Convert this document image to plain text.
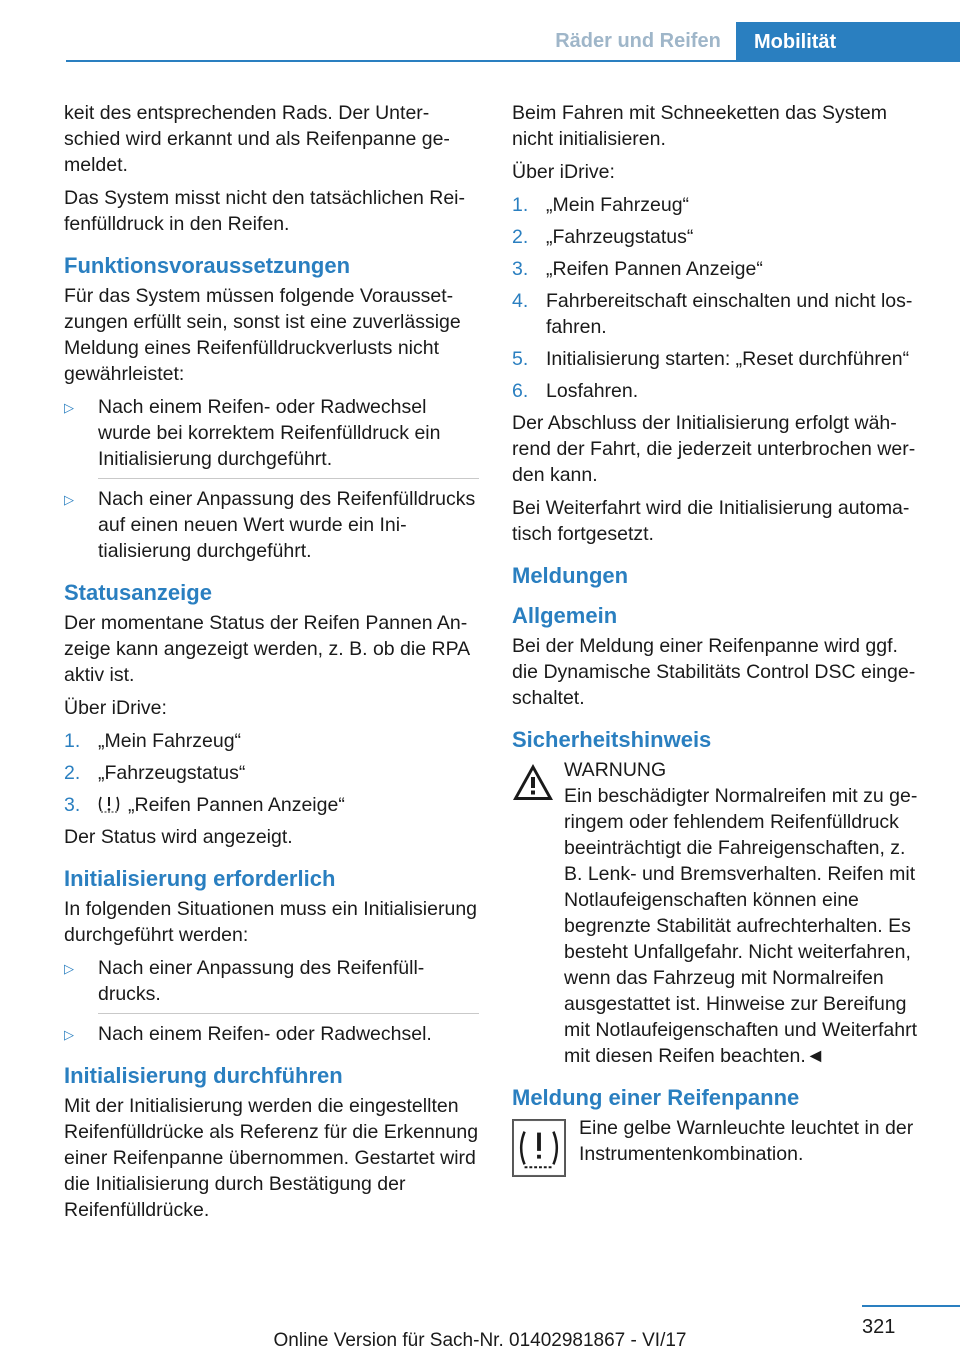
Räder und Reifen	Mobilität

keit des entsprechenden Rads. Der Unterschied wird erkannt und als Reifenpanne gemeldet.

Das System misst nicht den tatsächlichen Reifenfülldruck in den Reifen.

Funktionsvoraussetzungen

Für das System müssen folgende Voraussetzungen erfüllt sein, sonst ist eine zuverlässige Meldung eines Reifenfülldruckverlusts nicht gewährleistet:

▷ Nach einem Reifen- oder Radwechsel wurde bei korrektem Reifenfülldruck ein Initialisierung durchgeführt.
▷ Nach einer Anpassung des Reifenfülldrucks auf einen neuen Wert wurde ein Initialisierung durchgeführt.
Statusanzeige

Der momentane Status der Reifen Pannen Anzeige kann angezeigt werden, z. B. ob die RPA aktiv ist.

Über iDrive:

1. „Mein Fahrzeug“
2. „Fahrzeugstatus“
3. „Reifen Pannen Anzeige“

Der Status wird angezeigt.

Initialisierung erforderlich

In folgenden Situationen muss ein Initialisierung durchgeführt werden:

▷ Nach einer Anpassung des Reifenfülldrucks.
▷ Nach einem Reifen- oder Radwechsel.
Initialisierung durchführen

Mit der Initialisierung werden die eingestellten Reifenfülldrücke als Referenz für die Erkennung einer Reifenpanne übernommen. Gestartet wird die Initialisierung durch Bestätigung der Reifenfülldrücke.

Beim Fahren mit Schneeketten das System nicht initialisieren.

Über iDrive:

1. „Mein Fahrzeug“
2. „Fahrzeugstatus“
3. „Reifen Pannen Anzeige“
4. Fahrbereitschaft einschalten und nicht losfahren.
5. Initialisierung starten: „Reset durchführen“
6. Losfahren.

Der Abschluss der Initialisierung erfolgt während der Fahrt, die jederzeit unterbrochen werden kann.

Bei Weiterfahrt wird die Initialisierung automatisch fortgesetzt.

Meldungen
Allgemein

Bei der Meldung einer Reifenpanne wird ggf. die Dynamische Stabilitäts Control DSC eingeschaltet.

Sicherheitshinweis

WARNUNG

Ein beschädigter Normalreifen mit zu geringem oder fehlendem Reifenfülldruck beeinträchtigt die Fahreigenschaften, z. B. Lenk- und Bremsverhalten. Reifen mit Notlaufeigenschaften können eine begrenzte Stabilität aufrechterhalten. Es besteht Unfallgefahr. Nicht weiterfahren, wenn das Fahrzeug mit Normalreifen ausgestattet ist. Hinweise zur Bereifung mit Notlaufeigenschaften und Weiterfahrt mit diesen Reifen beachten.◄

Meldung einer Reifenpanne

Eine gelbe Warnleuchte leuchtet in der Instrumentenkombination.

321
Online Version für Sach-Nr. 01402981867 - VI/17
